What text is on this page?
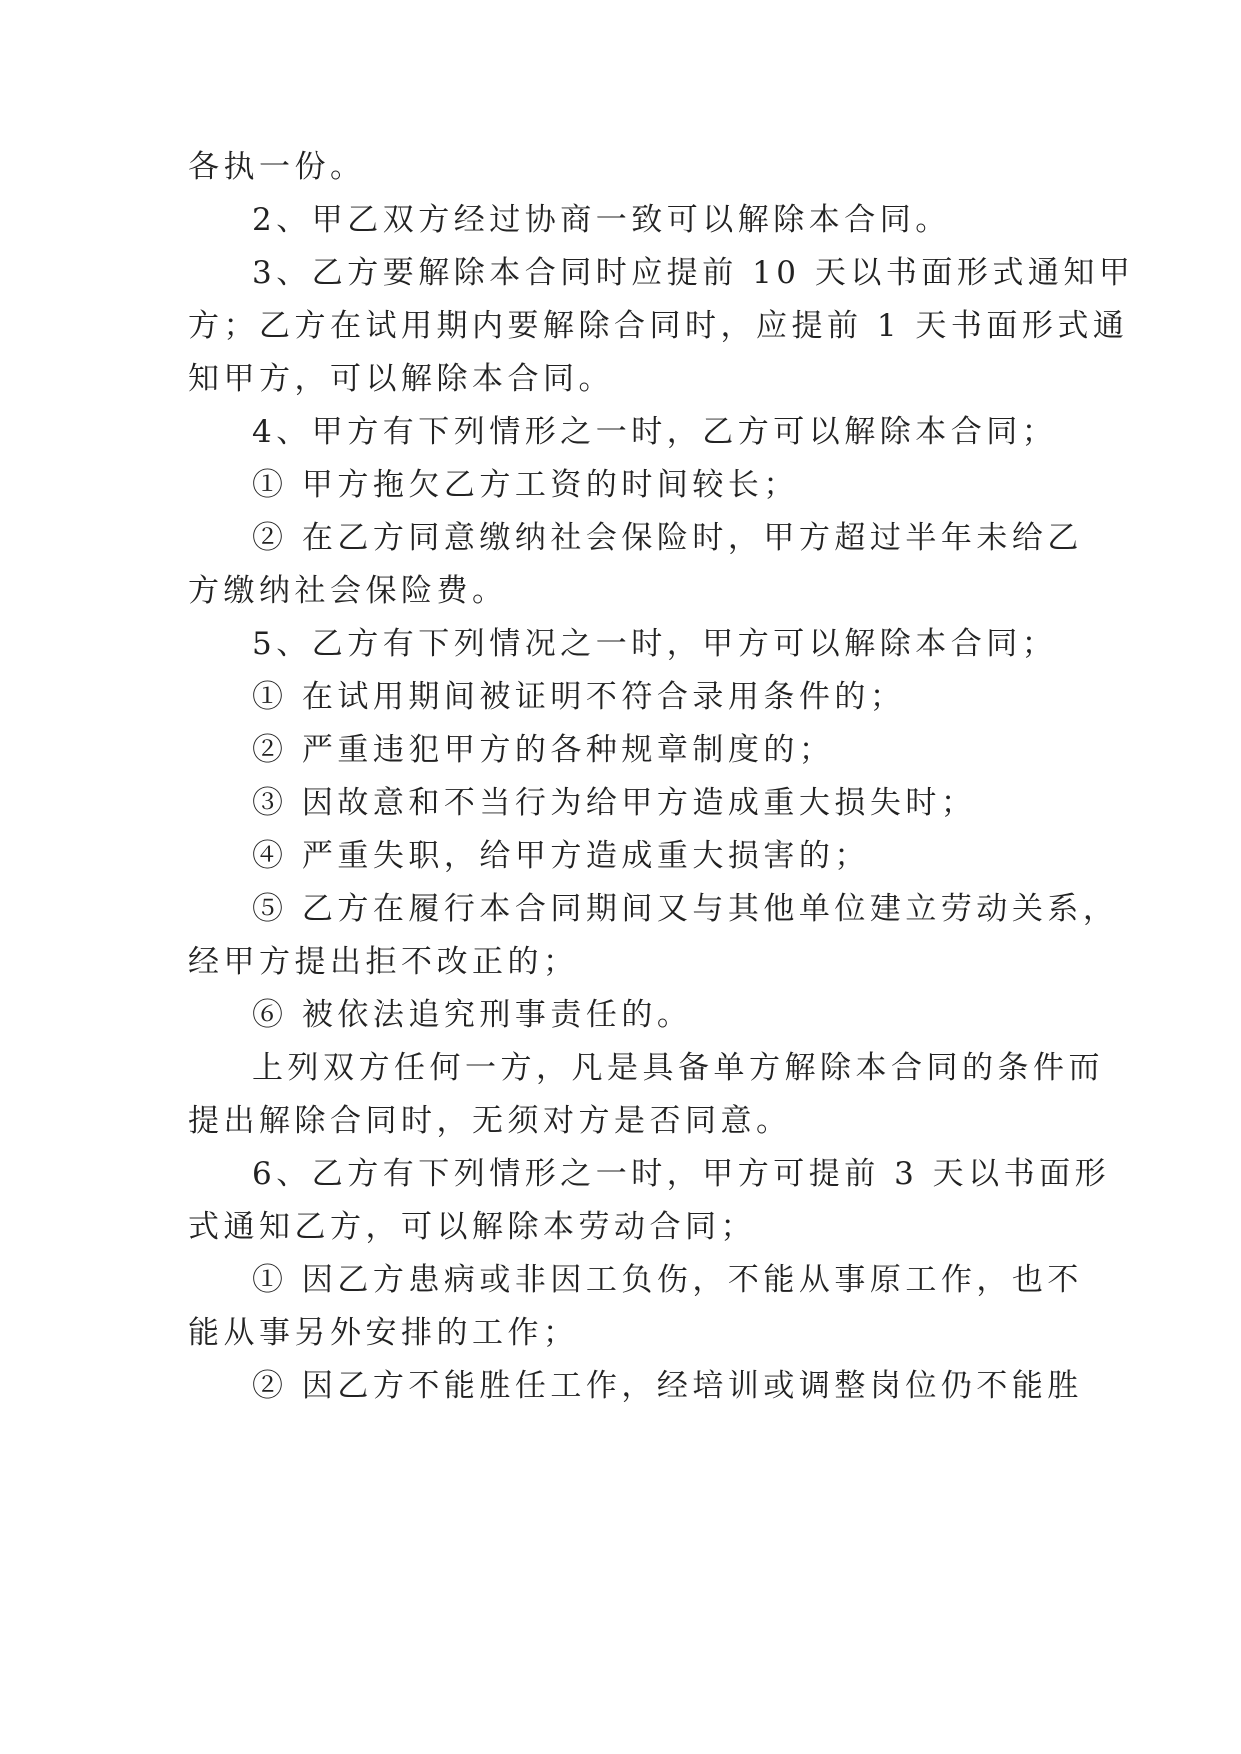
各执一份。
2、甲乙双方经过协商一致可以解除本合同。
3、乙方要解除本合同时应提前 10 天以书面形式通知甲
方；乙方在试用期内要解除合同时，应提前 1 天书面形式通
知甲方，可以解除本合同。
4、甲方有下列情形之一时，乙方可以解除本合同；
① 甲方拖欠乙方工资的时间较长；
② 在乙方同意缴纳社会保险时，甲方超过半年未给乙
方缴纳社会保险费。
5、乙方有下列情况之一时，甲方可以解除本合同；
① 在试用期间被证明不符合录用条件的；
② 严重违犯甲方的各种规章制度的；
③ 因故意和不当行为给甲方造成重大损失时；
④ 严重失职，给甲方造成重大损害的；
⑤ 乙方在履行本合同期间又与其他单位建立劳动关系，
经甲方提出拒不改正的；
⑥ 被依法追究刑事责任的。
上列双方任何一方，凡是具备单方解除本合同的条件而
提出解除合同时，无须对方是否同意。
6、乙方有下列情形之一时，甲方可提前 3 天以书面形
式通知乙方，可以解除本劳动合同；
① 因乙方患病或非因工负伤，不能从事原工作，也不
能从事另外安排的工作；
② 因乙方不能胜任工作，经培训或调整岗位仍不能胜
